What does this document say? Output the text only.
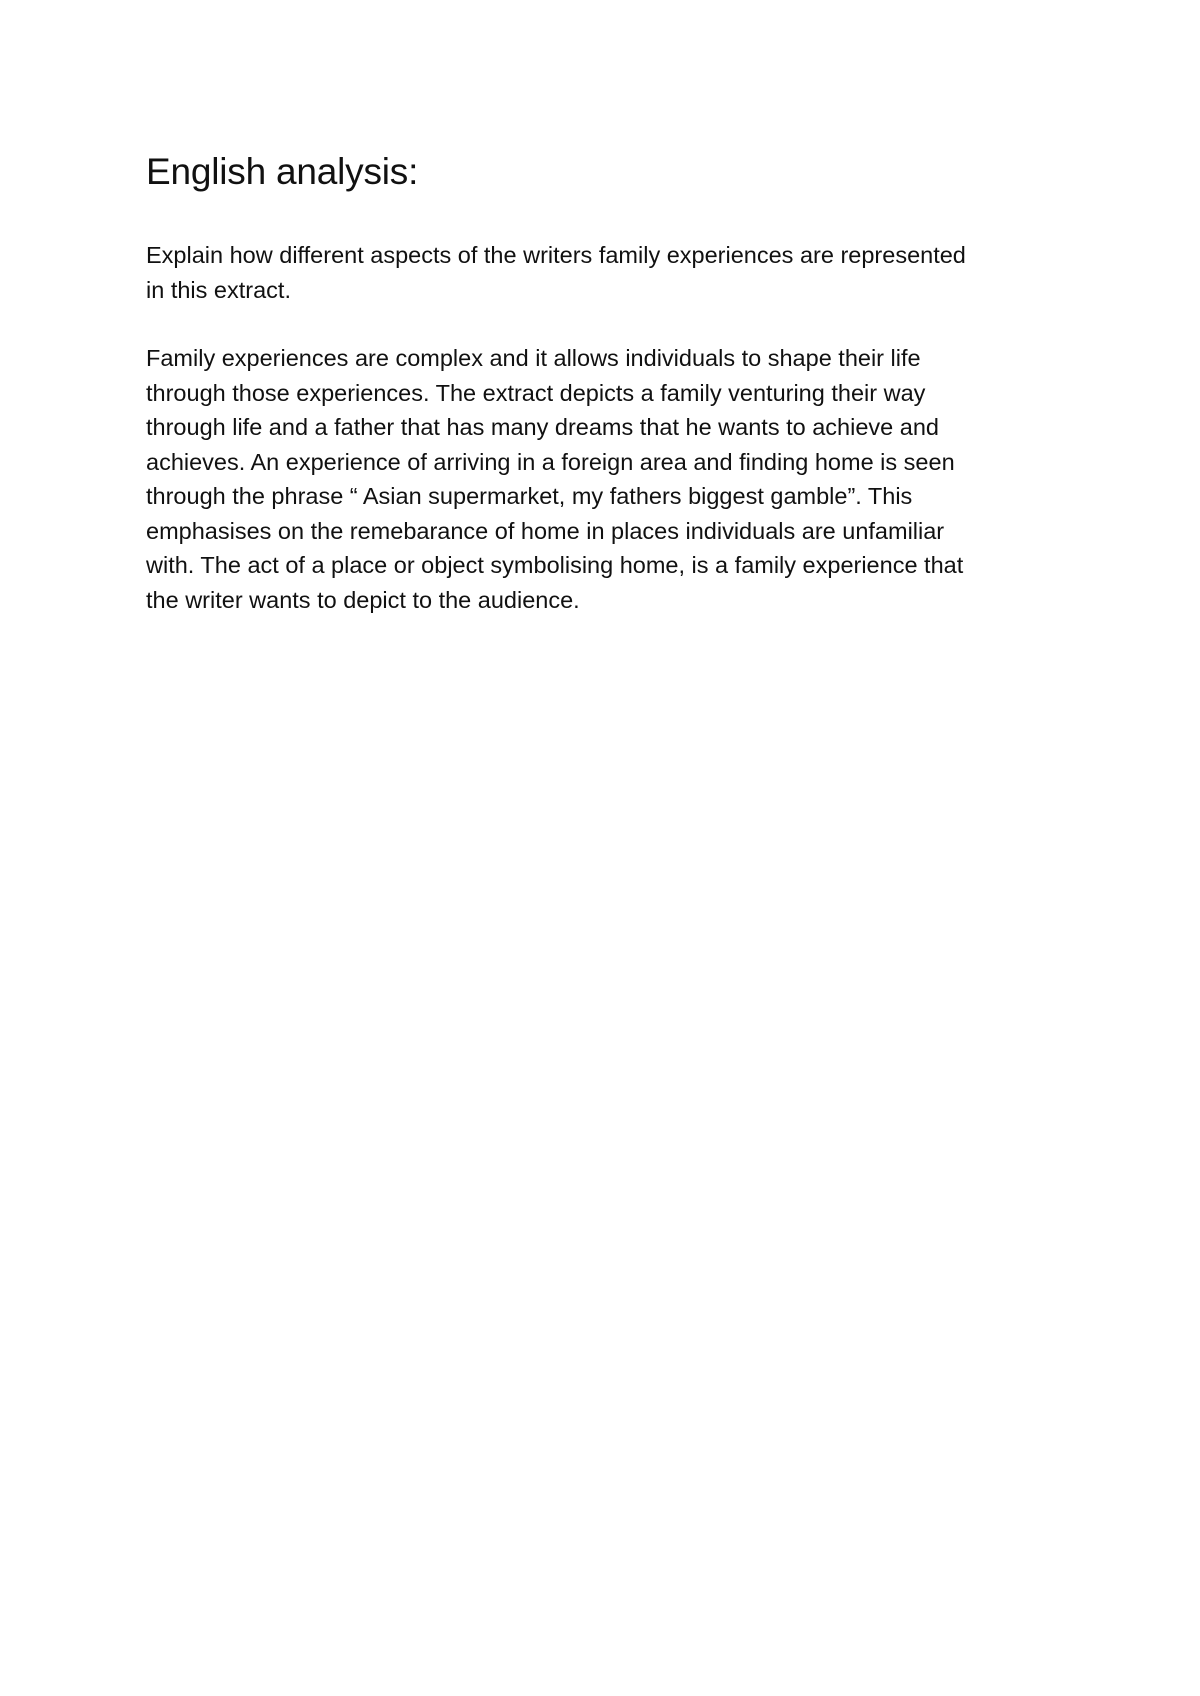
English analysis:

Explain how different aspects of the writers family experiences are represented
in this extract.

Family experiences are complex and it allows individuals to shape their life
through those experiences. The extract depicts a family venturing their way
through life and a father that has many dreams that he wants to achieve and
achieves. An experience of arriving in a foreign area and finding home is seen
through the phrase “ Asian supermarket, my fathers biggest gamble”. This
emphasises on the remebarance of home in places individuals are unfamiliar
with. The act of a place or object symbolising home, is a family experience that
the writer wants to depict to the audience.
